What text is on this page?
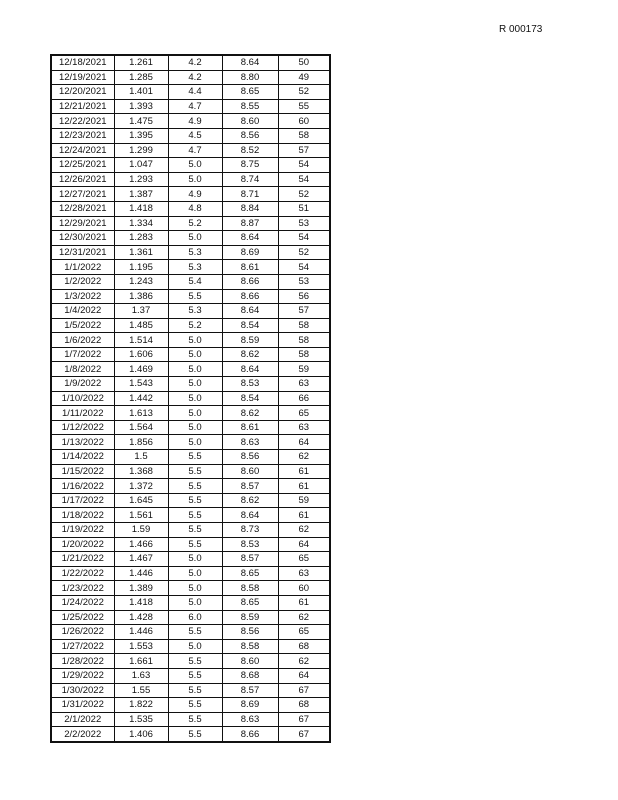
R 000173
12/18/2021	1.261	4.2	8.64	50
12/19/2021	1.285	4.2	8.80	49
12/20/2021	1.401	4.4	8.65	52
12/21/2021	1.393	4.7	8.55	55
12/22/2021	1.475	4.9	8.60	60
12/23/2021	1.395	4.5	8.56	58
12/24/2021	1.299	4.7	8.52	57
12/25/2021	1.047	5.0	8.75	54
12/26/2021	1.293	5.0	8.74	54
12/27/2021	1.387	4.9	8.71	52
12/28/2021	1.418	4.8	8.84	51
12/29/2021	1.334	5.2	8.87	53
12/30/2021	1.283	5.0	8.64	54
12/31/2021	1.361	5.3	8.69	52
1/1/2022	1.195	5.3	8.61	54
1/2/2022	1.243	5.4	8.66	53
1/3/2022	1.386	5.5	8.66	56
1/4/2022	1.37	5.3	8.64	57
1/5/2022	1.485	5.2	8.54	58
1/6/2022	1.514	5.0	8.59	58
1/7/2022	1.606	5.0	8.62	58
1/8/2022	1.469	5.0	8.64	59
1/9/2022	1.543	5.0	8.53	63
1/10/2022	1.442	5.0	8.54	66
1/11/2022	1.613	5.0	8.62	65
1/12/2022	1.564	5.0	8.61	63
1/13/2022	1.856	5.0	8.63	64
1/14/2022	1.5	5.5	8.56	62
1/15/2022	1.368	5.5	8.60	61
1/16/2022	1.372	5.5	8.57	61
1/17/2022	1.645	5.5	8.62	59
1/18/2022	1.561	5.5	8.64	61
1/19/2022	1.59	5.5	8.73	62
1/20/2022	1.466	5.5	8.53	64
1/21/2022	1.467	5.0	8.57	65
1/22/2022	1.446	5.0	8.65	63
1/23/2022	1.389	5.0	8.58	60
1/24/2022	1.418	5.0	8.65	61
1/25/2022	1.428	6.0	8.59	62
1/26/2022	1.446	5.5	8.56	65
1/27/2022	1.553	5.0	8.58	68
1/28/2022	1.661	5.5	8.60	62
1/29/2022	1.63	5.5	8.68	64
1/30/2022	1.55	5.5	8.57	67
1/31/2022	1.822	5.5	8.69	68
2/1/2022	1.535	5.5	8.63	67
2/2/2022	1.406	5.5	8.66	67
